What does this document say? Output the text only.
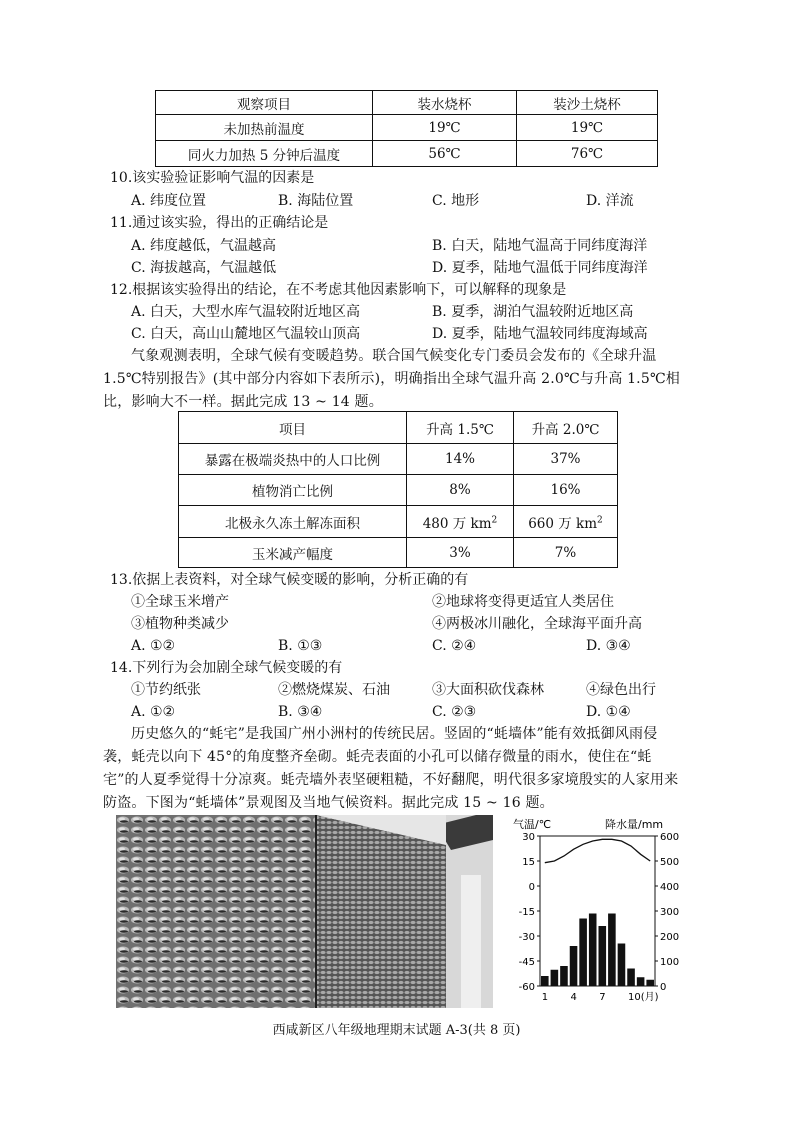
观察项目	装水烧杯	装沙土烧杯
未加热前温度	19℃	19℃
同火力加热 5 分钟后温度	56℃	76℃
10.该实验验证影响气温的因素是
A. 纬度位置	B. 海陆位置	C. 地形	D. 洋流
11.通过该实验，得出的正确结论是
A. 纬度越低，气温越高	B. 白天，陆地气温高于同纬度海洋
C. 海拔越高，气温越低	D. 夏季，陆地气温低于同纬度海洋
12.根据该实验得出的结论，在不考虑其他因素影响下，可以解释的现象是
A. 白天，大型水库气温较附近地区高	B. 夏季，湖泊气温较附近地区高
C. 白天，高山山麓地区气温较山顶高	D. 夏季，陆地气温较同纬度海域高
气象观测表明，全球气候有变暖趋势。联合国气候变化专门委员会发布的《全球升温 1.5℃特别报告》(其中部分内容如下表所示)，明确指出全球气温升高 2.0℃与升高 1.5℃相比，影响大不一样。据此完成 13 ~ 14 题。
项目	升高 1.5℃	升高 2.0℃
暴露在极端炎热中的人口比例	14%	37%
植物消亡比例	8%	16%
北极永久冻土解冻面积	480 万 $km^2$	660 万 $km^2$
玉米减产幅度	3%	7%
13.依据上表资料，对全球气候变暖的影响，分析正确的有
①全球玉米增产	②地球将变得更适宜人类居住
③植物种类减少	④两极冰川融化，全球海平面升高
A. ①②	B. ①③	C. ②④	D. ③④
14.下列行为会加剧全球气候变暖的有
①节约纸张	②燃烧煤炭、石油	③大面积砍伐森林	④绿色出行
A. ①②	B. ③④	C. ②③	D. ①④
历史悠久的“蚝宅”是我国广州小洲村的传统民居。竖固的“蚝墙体”能有效抵御风雨侵袭，蚝壳以向下 45°的角度整齐垒砌。蚝壳表面的小孔可以储存微量的雨水，使住在“蚝宅”的人夏季觉得十分凉爽。蚝壳墙外表坚硬粗糙，不好翻爬，明代很多家境殷实的人家用来防盗。下图为“蚝墙体”景观图及当地气候资料。据此完成 15 ~ 16 题。
气温/℃	降水量/mm
30
15
0
-15
-30
-45
-60
600
500
400
300
200
100
0
1 4 7 10(月)
西咸新区八年级地理期末试题 A-3(共 8 页)
